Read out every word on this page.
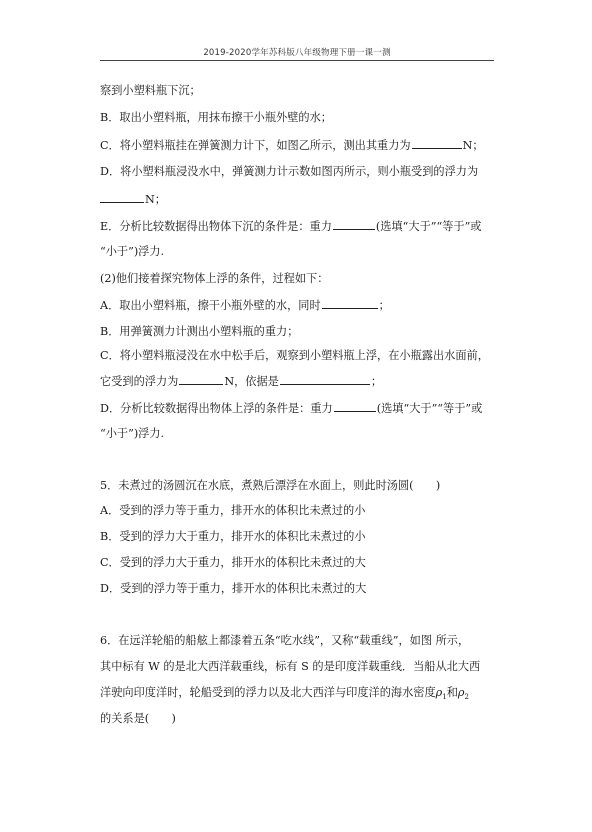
2019-2020学年苏科版八年级物理下册一课一测
察到小塑料瓶下沉；
B．取出小塑料瓶，用抹布擦干小瓶外壁的水；
C．将小塑料瓶挂在弹簧测力计下，如图乙所示，测出其重力为	N；
D．将小塑料瓶浸没水中，弹簧测力计示数如图丙所示，则小瓶受到的浮力为
N；
E．分析比较数据得出物体下沉的条件是：重力	(选填“大于”“等于”或
“小于”)浮力.
(2)他们接着探究物体上浮的条件，过程如下：
A．取出小塑料瓶，擦干小瓶外壁的水，同时	；
B．用弹簧测力计测出小塑料瓶的重力；
C．将小塑料瓶浸没在水中松手后，观察到小塑料瓶上浮，在小瓶露出水面前，
它受到的浮力为	N，依据是	；
D．分析比较数据得出物体上浮的条件是：重力	(选填“大于”“等于”或
“小于”)浮力.
5．未煮过的汤圆沉在水底，煮熟后漂浮在水面上，则此时汤圆(　　)
A．受到的浮力等于重力，排开水的体积比未煮过的小
B．受到的浮力大于重力，排开水的体积比未煮过的小
C．受到的浮力大于重力，排开水的体积比未煮过的大
D．受到的浮力等于重力，排开水的体积比未煮过的大
6．在远洋轮船的船舷上都漆着五条“吃水线”，又称“载重线”，如图 所示，
其中标有 W 的是北大西洋载重线，标有 S 的是印度洋载重线．当船从北大西
洋驶向印度洋时，轮船受到的浮力以及北大西洋与印度洋的海水密度$\rho_1$和$\rho_2$
的关系是(　　)
